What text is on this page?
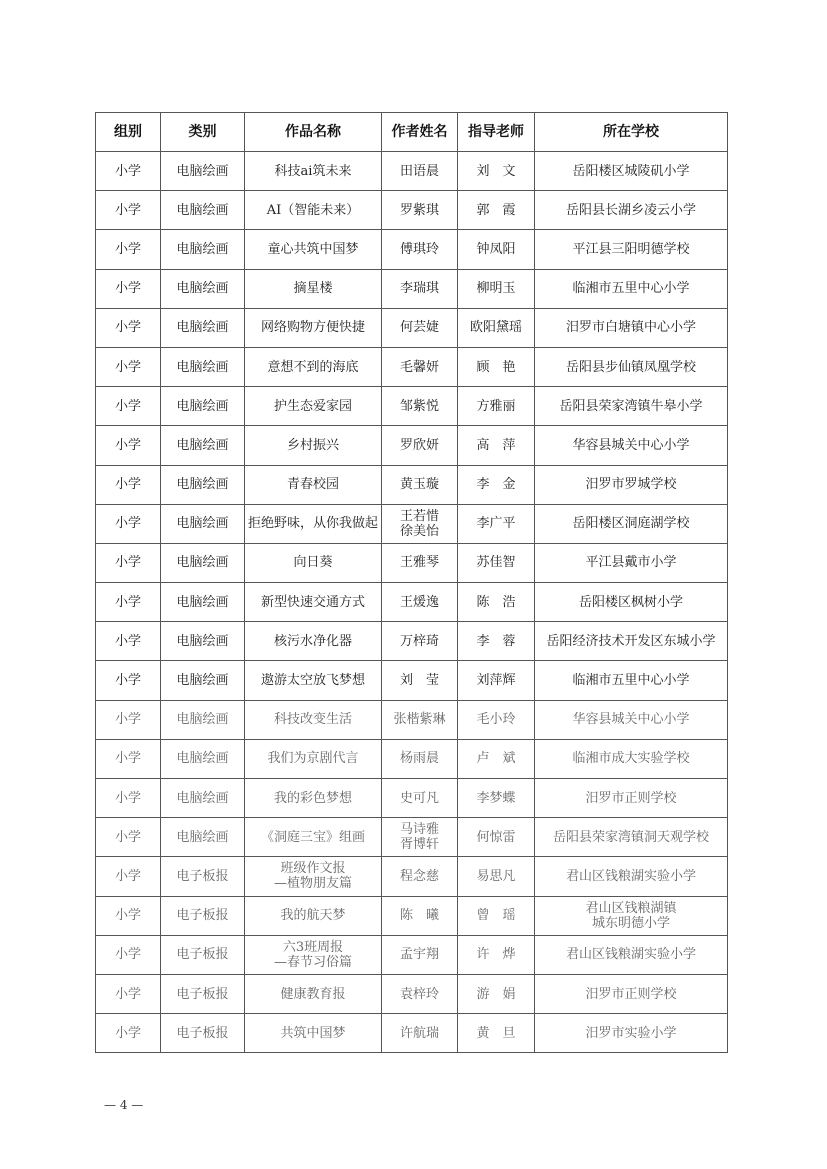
组别	类别	作品名称	作者姓名	指导老师	所在学校

小学	电脑绘画	科技ai筑未来	田语晨	刘　文	岳阳楼区城陵矶小学

小学	电脑绘画	AI（智能未来）	罗紫琪	郭　霞	岳阳县长湖乡凌云小学

小学	电脑绘画	童心共筑中国梦	傅琪玲	钟凤阳	平江县三阳明德学校

小学	电脑绘画	摘星楼	李瑞琪	柳明玉	临湘市五里中心小学

小学	电脑绘画	网络购物方便快捷	何芸婕	欧阳黛瑶	汨罗市白塘镇中心小学

小学	电脑绘画	意想不到的海底	毛馨妍	顾　艳	岳阳县步仙镇凤凰学校

小学	电脑绘画	护生态爱家园	邹紫悦	方雅丽	岳阳县荣家湾镇牛皋小学

小学	电脑绘画	乡村振兴	罗欣妍	高　萍	华容县城关中心小学

小学	电脑绘画	青春校园	黄玉璇	李　金	汨罗市罗城学校

小学	电脑绘画	拒绝野味，从你我做起	王若惜
徐美怡	李广平	岳阳楼区洞庭湖学校

小学	电脑绘画	向日葵	王雅琴	苏佳智	平江县戴市小学

小学	电脑绘画	新型快速交通方式	王煖逸	陈　浩	岳阳楼区枫树小学

小学	电脑绘画	核污水净化器	万梓琦	李　蓉	岳阳经济技术开发区东城小学

小学	电脑绘画	遨游太空放飞梦想	刘　莹	刘萍辉	临湘市五里中心小学

小学	电脑绘画	科技改变生活	张楷紫琳	毛小玲	华容县城关中心小学

小学	电脑绘画	我们为京剧代言	杨雨晨	卢　斌	临湘市成大实验学校

小学	电脑绘画	我的彩色梦想	史可凡	李梦蝶	汨罗市正则学校

小学	电脑绘画	《洞庭三宝》组画	马诗雅
胥博轩	何惊雷	岳阳县荣家湾镇洞天观学校

小学	电子板报	班级作文报
—植物朋友篇	程念慈	易思凡	君山区钱粮湖实验小学

小学	电子板报	我的航天梦	陈　曦	曾　瑶	君山区钱粮湖镇
城东明德小学

小学	电子板报	六3班周报
—春节习俗篇	孟宇翔	许　烨	君山区钱粮湖实验小学

小学	电子板报	健康教育报	袁梓玲	游　娟	汨罗市正则学校

小学	电子板报	共筑中国梦	许航瑞	黄　旦	汨罗市实验小学
— 4 —
